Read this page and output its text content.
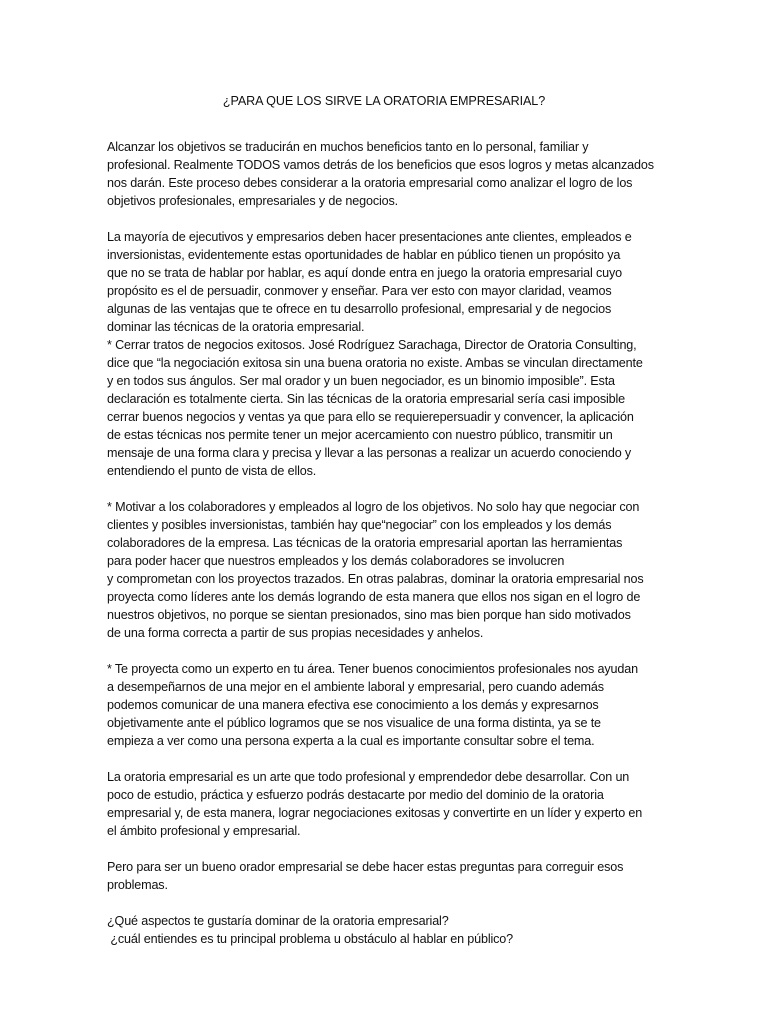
¿PARA QUE LOS SIRVE LA ORATORIA EMPRESARIAL?

Alcanzar los objetivos se traducirán en muchos beneficios tanto en lo personal, familiar y
profesional. Realmente TODOS vamos detrás de los beneficios que esos logros y metas alcanzados
nos darán. Este proceso debes considerar a la oratoria empresarial como analizar el logro de los
objetivos profesionales, empresariales y de negocios.

La mayoría de ejecutivos y empresarios deben hacer presentaciones ante clientes, empleados e
inversionistas, evidentemente estas oportunidades de hablar en público tienen un propósito ya
que no se trata de hablar por hablar, es aquí donde entra en juego la oratoria empresarial cuyo
propósito es el de persuadir, conmover y enseñar. Para ver esto con mayor claridad, veamos
algunas de las ventajas que te ofrece en tu desarrollo profesional, empresarial y de negocios
dominar las técnicas de la oratoria empresarial.
* Cerrar tratos de negocios exitosos. José Rodríguez Sarachaga, Director de Oratoria Consulting,
dice que “la negociación exitosa sin una buena oratoria no existe. Ambas se vinculan directamente
y en todos sus ángulos. Ser mal orador y un buen negociador, es un binomio imposible”. Esta
declaración es totalmente cierta. Sin las técnicas de la oratoria empresarial sería casi imposible
cerrar buenos negocios y ventas ya que para ello se requierepersuadir y convencer, la aplicación
de estas técnicas nos permite tener un mejor acercamiento con nuestro público, transmitir un
mensaje de una forma clara y precisa y llevar a las personas a realizar un acuerdo conociendo y
entendiendo el punto de vista de ellos.

* Motivar a los colaboradores y empleados al logro de los objetivos. No solo hay que negociar con
clientes y posibles inversionistas, también hay que“negociar” con los empleados y los demás
colaboradores de la empresa. Las técnicas de la oratoria empresarial aportan las herramientas
para poder hacer que nuestros empleados y los demás colaboradores se involucren
y comprometan con los proyectos trazados. En otras palabras, dominar la oratoria empresarial nos
proyecta como líderes ante los demás logrando de esta manera que ellos nos sigan en el logro de
nuestros objetivos, no porque se sientan presionados, sino mas bien porque han sido motivados
de una forma correcta a partir de sus propias necesidades y anhelos.

* Te proyecta como un experto en tu área. Tener buenos conocimientos profesionales nos ayudan
a desempeñarnos de una mejor en el ambiente laboral y empresarial, pero cuando además
podemos comunicar de una manera efectiva ese conocimiento a los demás y expresarnos
objetivamente ante el público logramos que se nos visualice de una forma distinta, ya se te
empieza a ver como una persona experta a la cual es importante consultar sobre el tema.

La oratoria empresarial es un arte que todo profesional y emprendedor debe desarrollar. Con un
poco de estudio, práctica y esfuerzo podrás destacarte por medio del dominio de la oratoria
empresarial y, de esta manera, lograr negociaciones exitosas y convertirte en un líder y experto en
el ámbito profesional y empresarial.

Pero para ser un bueno orador empresarial se debe hacer estas preguntas para correguir esos
problemas.

¿Qué aspectos te gustaría dominar de la oratoria empresarial?
¿cuál entiendes es tu principal problema u obstáculo al hablar en público?
